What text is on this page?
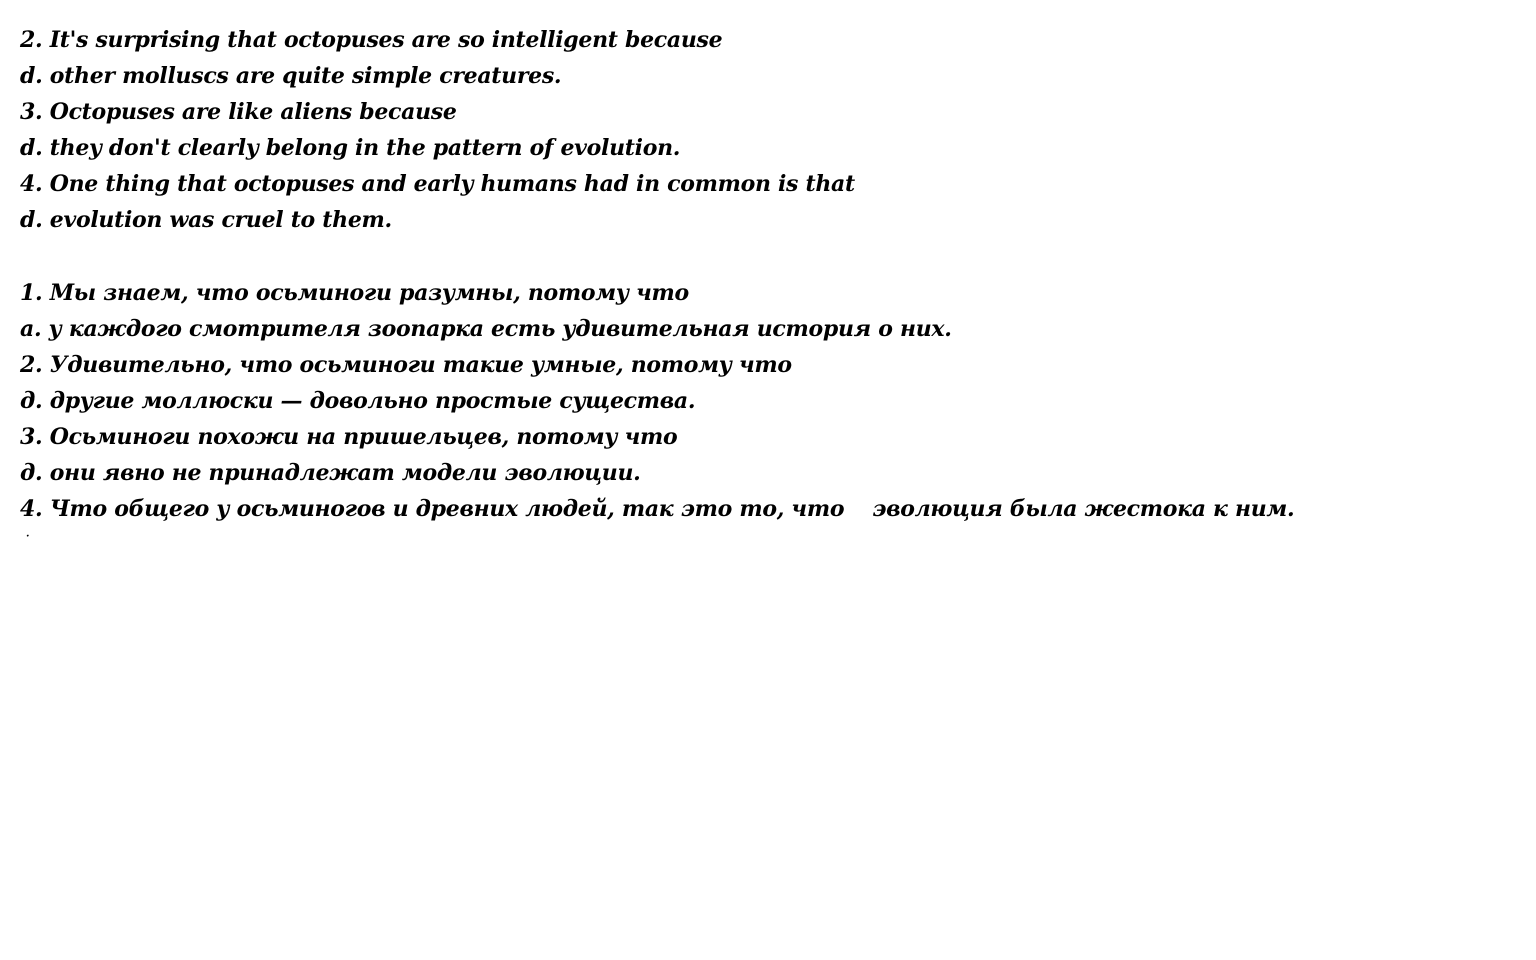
2. It's surprising that octopuses are so intelligent because
d. other molluscs are quite simple creatures.
3. Octopuses are like aliens because
d. they don't clearly belong in the pattern of evolution.
4. One thing that octopuses and early humans had in common is that
d. evolution was cruel to them.
1. Мы знаем, что осьминоги разумны, потому что
а. у каждого смотрителя зоопарка есть удивительная история о них.
2. Удивительно, что осьминоги такие умные, потому что
д. другие моллюски — довольно простые существа.
3. Осьминоги похожи на пришельцев, потому что
д. они явно не принадлежат модели эволюции.
4. Что общего у осьминогов и древних людей, так это то, что эволюция была жестока к ним.
·
